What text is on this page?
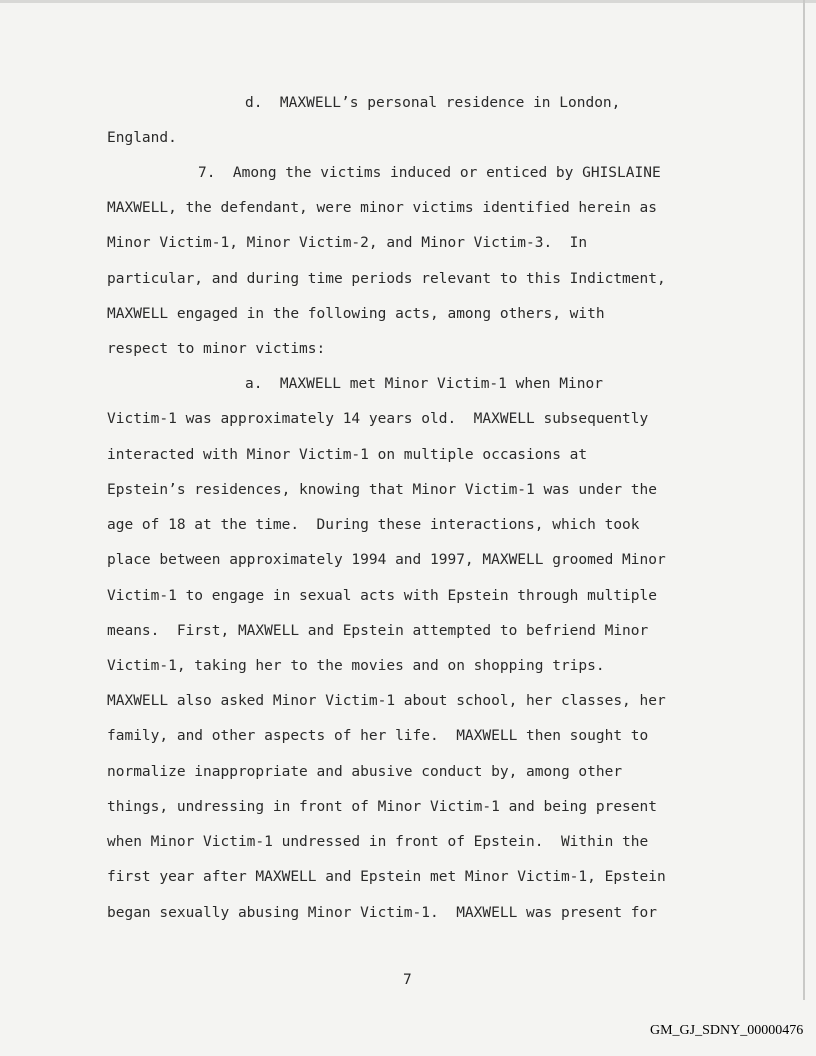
d.  MAXWELL’s personal residence in London,

England.

7.  Among the victims induced or enticed by GHISLAINE

MAXWELL, the defendant, were minor victims identified herein as

Minor Victim-1, Minor Victim-2, and Minor Victim-3.  In

particular, and during time periods relevant to this Indictment,

MAXWELL engaged in the following acts, among others, with

respect to minor victims:

a.  MAXWELL met Minor Victim-1 when Minor

Victim-1 was approximately 14 years old.  MAXWELL subsequently

interacted with Minor Victim-1 on multiple occasions at

Epstein’s residences, knowing that Minor Victim-1 was under the

age of 18 at the time.  During these interactions, which took

place between approximately 1994 and 1997, MAXWELL groomed Minor

Victim-1 to engage in sexual acts with Epstein through multiple

means.  First, MAXWELL and Epstein attempted to befriend Minor

Victim-1, taking her to the movies and on shopping trips.

MAXWELL also asked Minor Victim-1 about school, her classes, her

family, and other aspects of her life.  MAXWELL then sought to

normalize inappropriate and abusive conduct by, among other

things, undressing in front of Minor Victim-1 and being present

when Minor Victim-1 undressed in front of Epstein.  Within the

first year after MAXWELL and Epstein met Minor Victim-1, Epstein

began sexually abusing Minor Victim-1.  MAXWELL was present for

7
GM_GJ_SDNY_00000476
